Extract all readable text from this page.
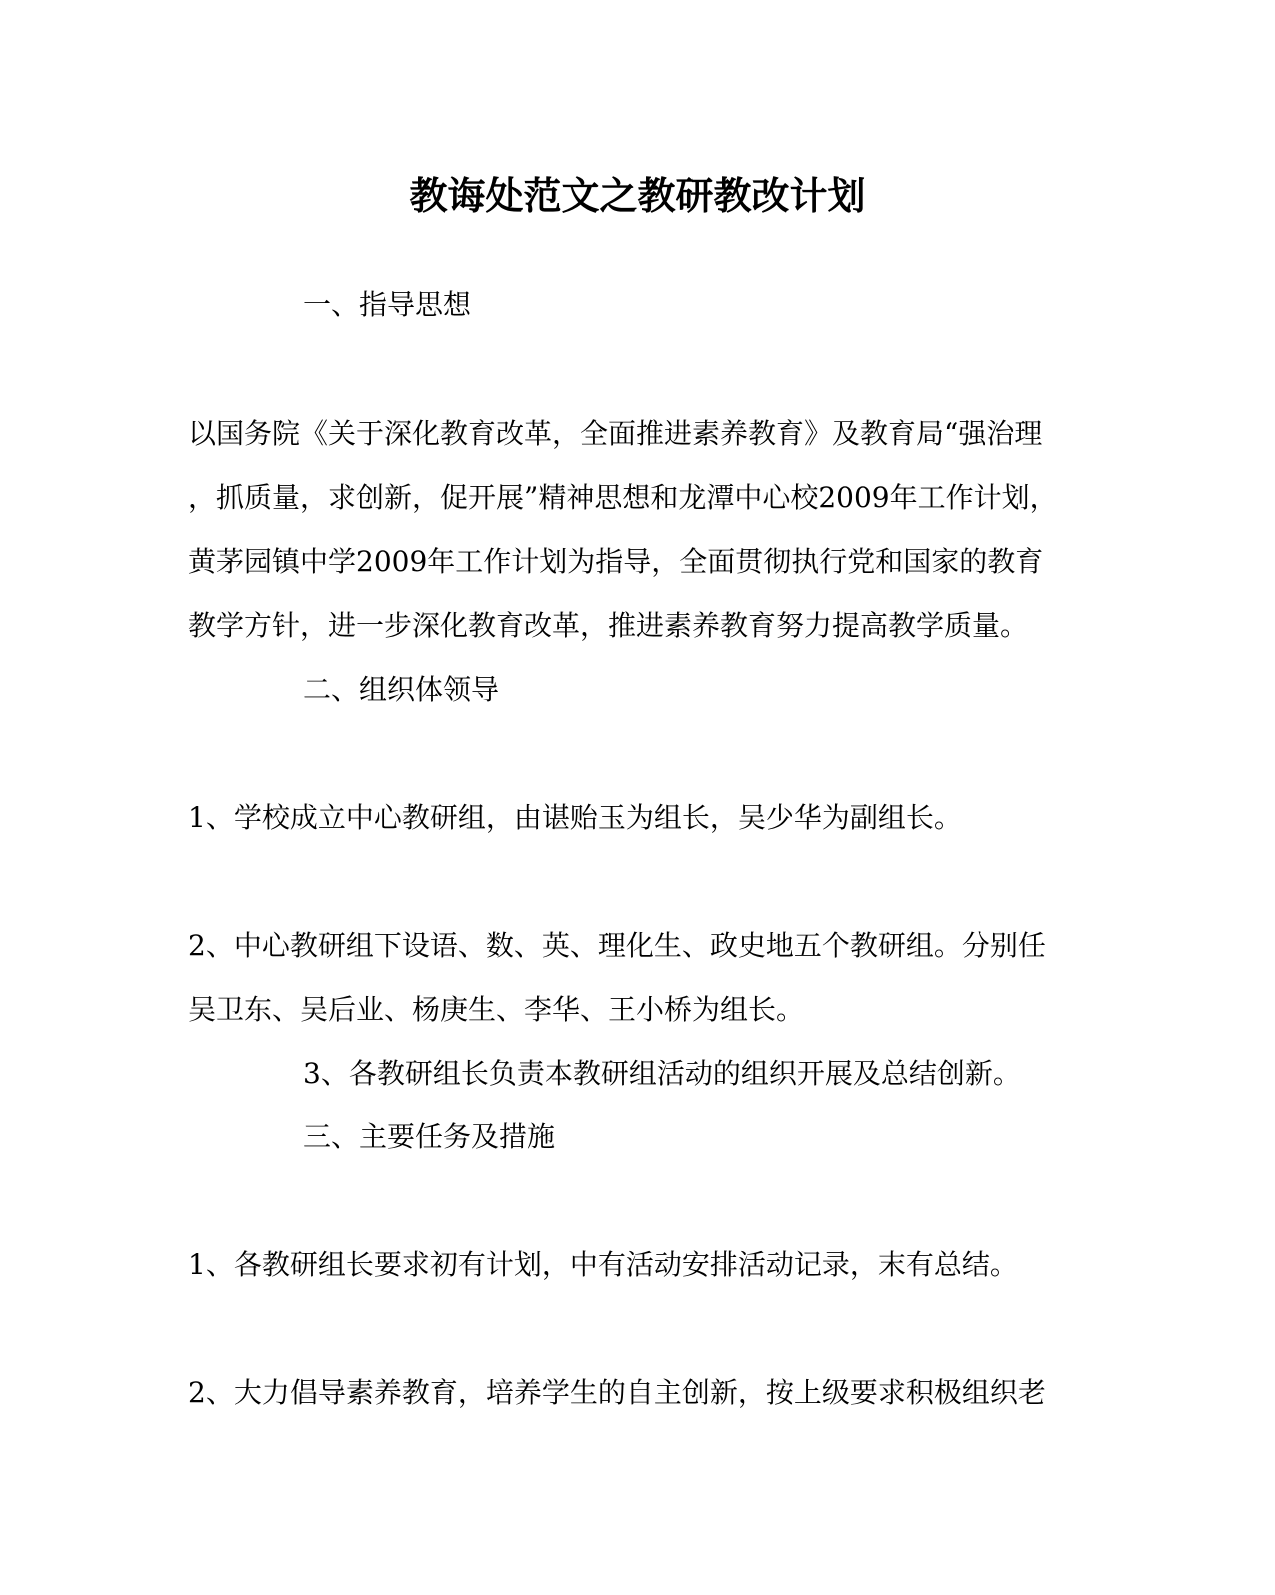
教诲处范文之教研教改计划
一、指导思想
以国务院《关于深化教育改革，全面推进素养教育》及教育局“强治理
，抓质量，求创新，促开展”精神思想和龙潭中心校2009年工作计划，
黄茅园镇中学2009年工作计划为指导，全面贯彻执行党和国家的教育
教学方针，进一步深化教育改革，推进素养教育努力提高教学质量。
二、组织体领导
1、学校成立中心教研组，由谌贻玉为组长，吴少华为副组长。
2、中心教研组下设语、数、英、理化生、政史地五个教研组。分别任
吴卫东、吴后业、杨庚生、李华、王小桥为组长。
3、各教研组长负责本教研组活动的组织开展及总结创新。
三、主要任务及措施
1、各教研组长要求初有计划，中有活动安排活动记录，末有总结。
2、大力倡导素养教育，培养学生的自主创新，按上级要求积极组织老
